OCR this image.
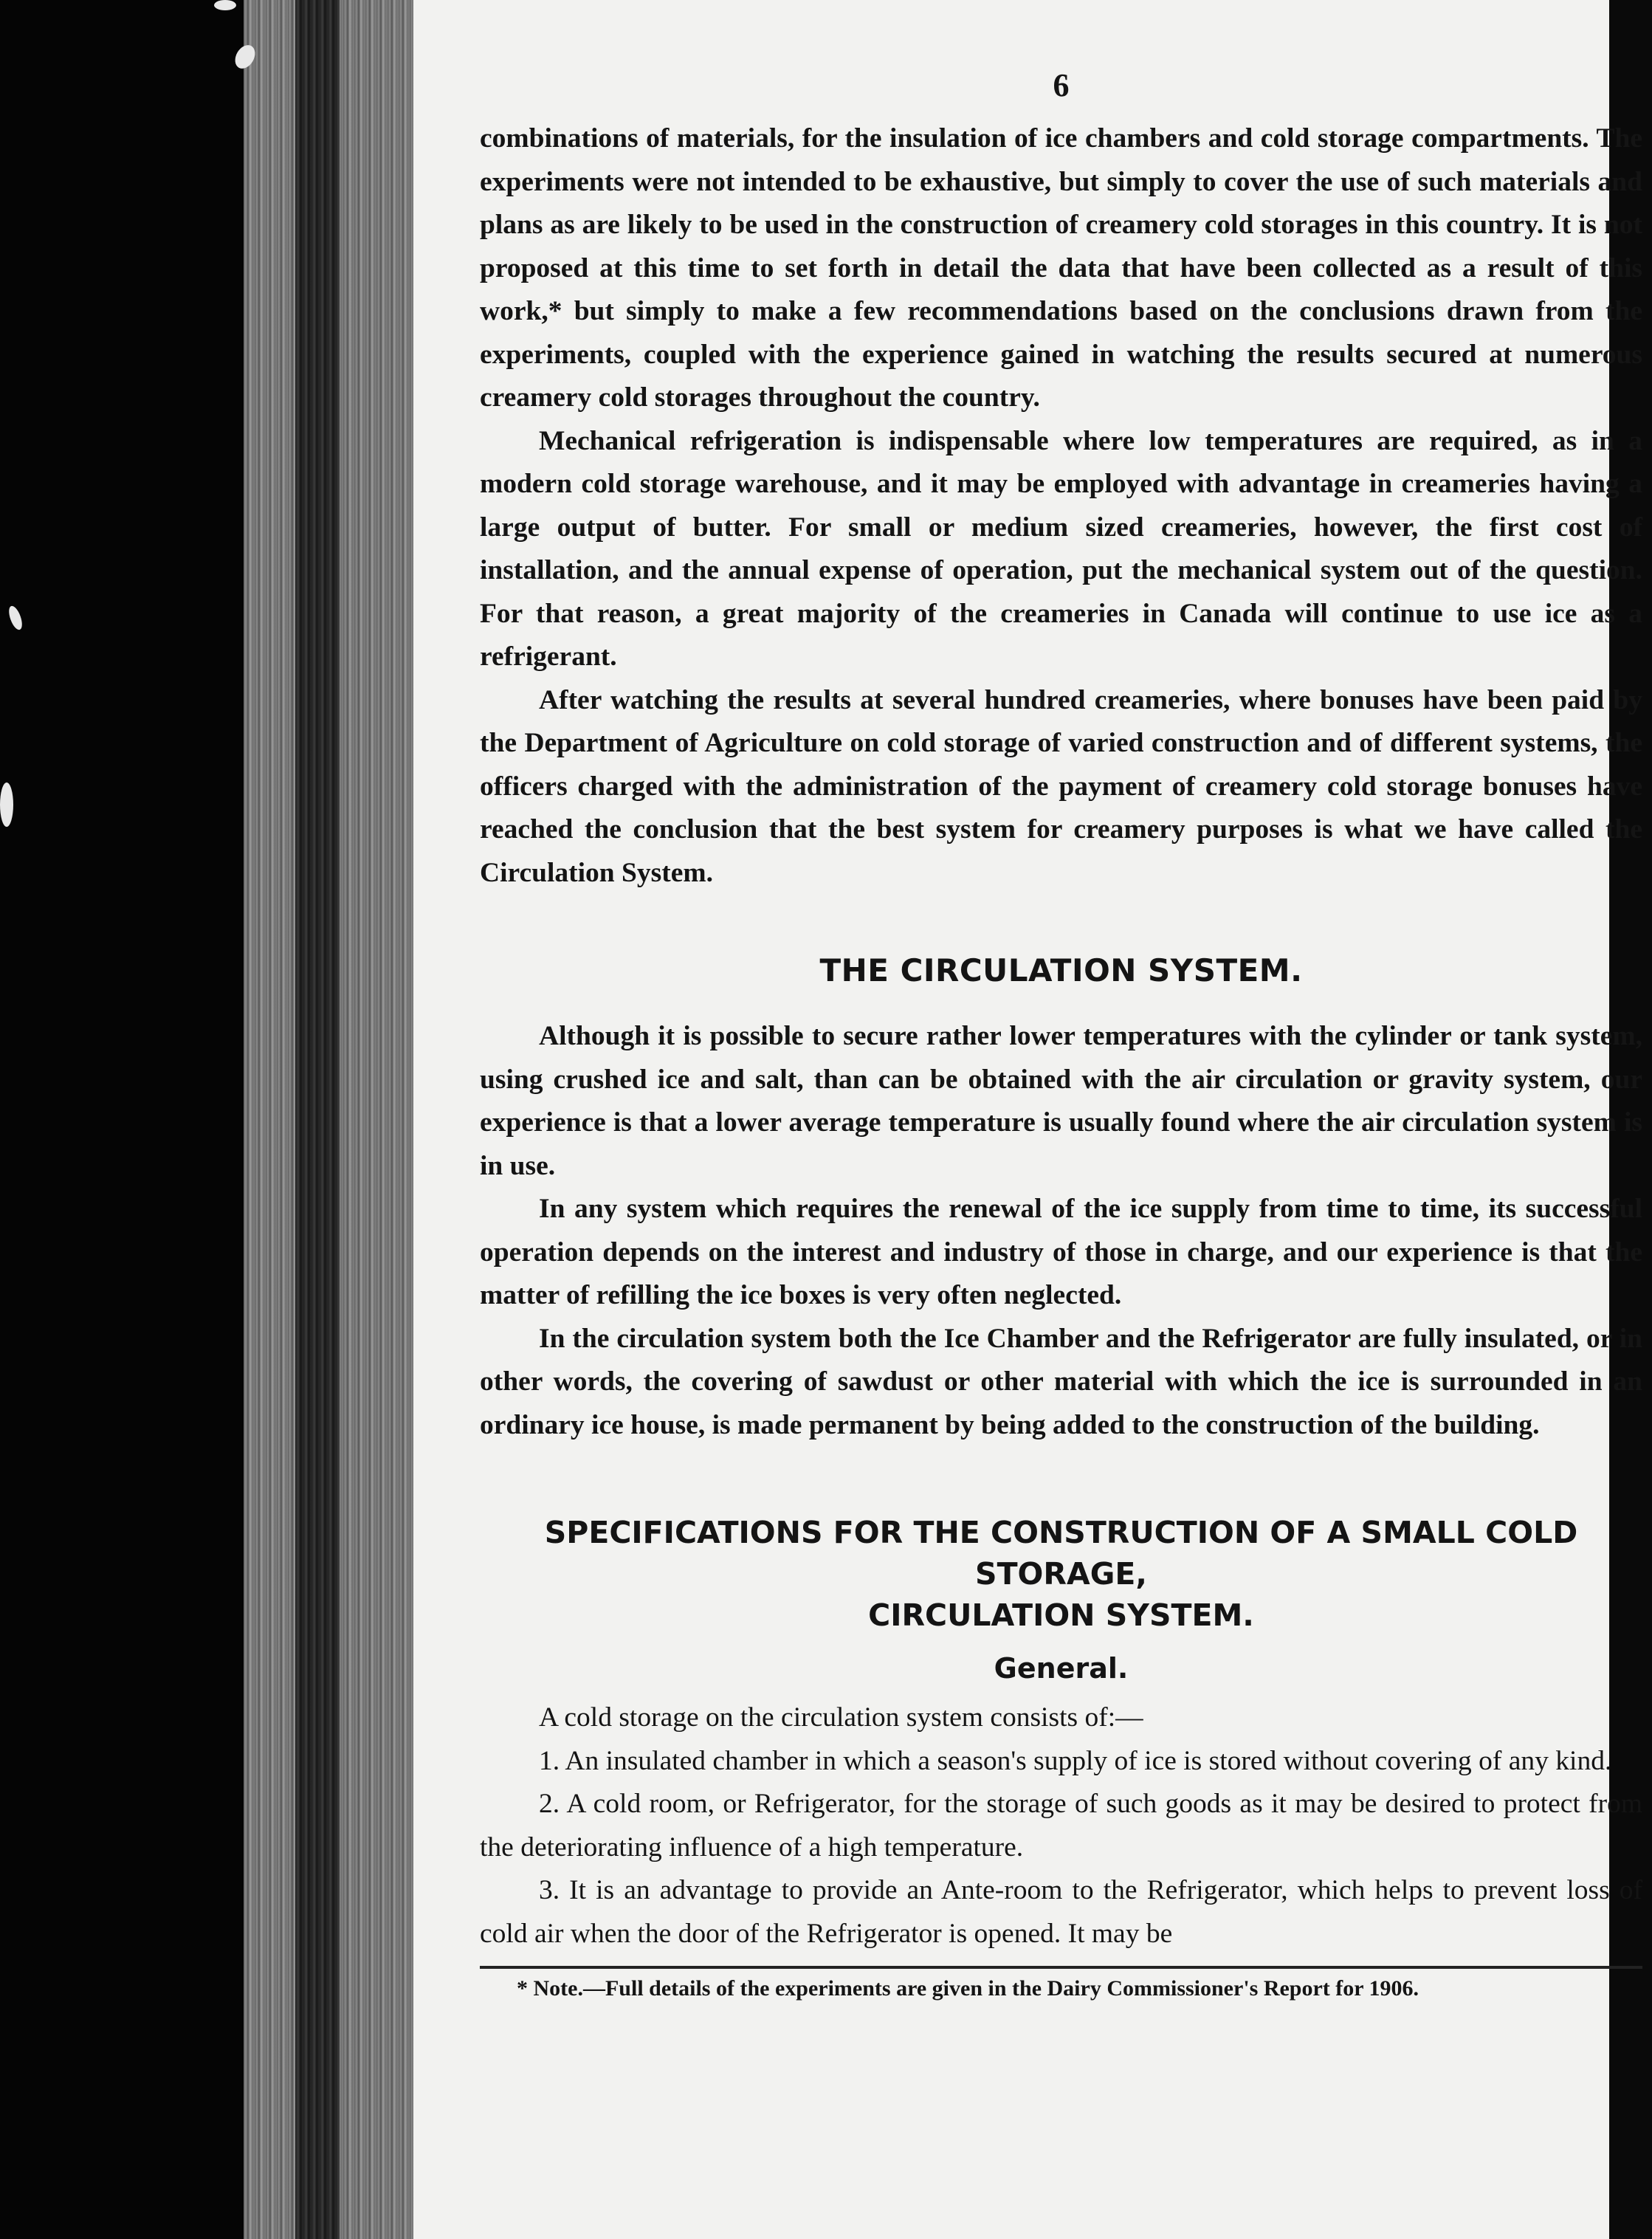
6

combinations of materials, for the insulation of ice chambers and cold storage compartments. The experiments were not intended to be exhaustive, but simply to cover the use of such materials and plans as are likely to be used in the construction of creamery cold storages in this country. It is not proposed at this time to set forth in detail the data that have been collected as a result of this work,* but simply to make a few recommendations based on the conclusions drawn from the experiments, coupled with the experience gained in watching the results secured at numerous creamery cold storages throughout the country.

Mechanical refrigeration is indispensable where low temperatures are required, as in a modern cold storage warehouse, and it may be employed with advantage in creameries having a large output of butter. For small or medium sized creameries, however, the first cost of installation, and the annual expense of operation, put the mechanical system out of the question. For that reason, a great majority of the creameries in Canada will continue to use ice as a refrigerant.

After watching the results at several hundred creameries, where bonuses have been paid by the Department of Agriculture on cold storage of varied construction and of different systems, the officers charged with the administration of the payment of creamery cold storage bonuses have reached the conclusion that the best system for creamery purposes is what we have called the Circulation System.

THE CIRCULATION SYSTEM.

Although it is possible to secure rather lower temperatures with the cylinder or tank system, using crushed ice and salt, than can be obtained with the air circulation or gravity system, our experience is that a lower average temperature is usually found where the air circulation system is in use.

In any system which requires the renewal of the ice supply from time to time, its successful operation depends on the interest and industry of those in charge, and our experience is that the matter of refilling the ice boxes is very often neglected.

In the circulation system both the Ice Chamber and the Refrigerator are fully insulated, or in other words, the covering of sawdust or other material with which the ice is surrounded in an ordinary ice house, is made permanent by being added to the construction of the building.

SPECIFICATIONS FOR THE CONSTRUCTION OF A SMALL COLD STORAGE,
CIRCULATION SYSTEM.
General.

A cold storage on the circulation system consists of:—

1. An insulated chamber in which a season's supply of ice is stored without covering of any kind.

2. A cold room, or Refrigerator, for the storage of such goods as it may be desired to protect from the deteriorating influence of a high temperature.

3. It is an advantage to provide an Ante-room to the Refrigerator, which helps to prevent loss of cold air when the door of the Refrigerator is opened. It may be

* Note.—Full details of the experiments are given in the Dairy Commissioner's Report for 1906.
